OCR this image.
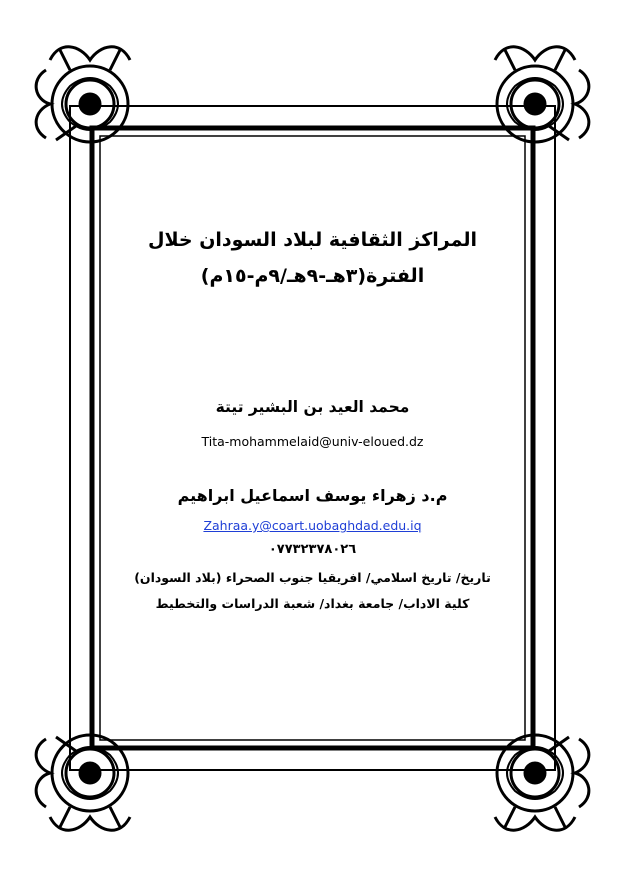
المراكز الثقافية لبلاد السودان خلال
الفترة(٣هـ-٩هـ/٩م-١٥م)
محمد العيد بن البشير تيتة
Tita-mohammelaid@univ-eloued.dz
م.د زهراء يوسف اسماعيل ابراهيم
Zahraa.y@coart.uobaghdad.edu.iq
٠٧٧٣٢٣٧٨٠٢٦
تاريخ/ تاريخ اسلامي/ افريقيا جنوب الصحراء (بلاد السودان)
كلية الاداب/ جامعة بغداد/ شعبة الدراسات والتخطيط
